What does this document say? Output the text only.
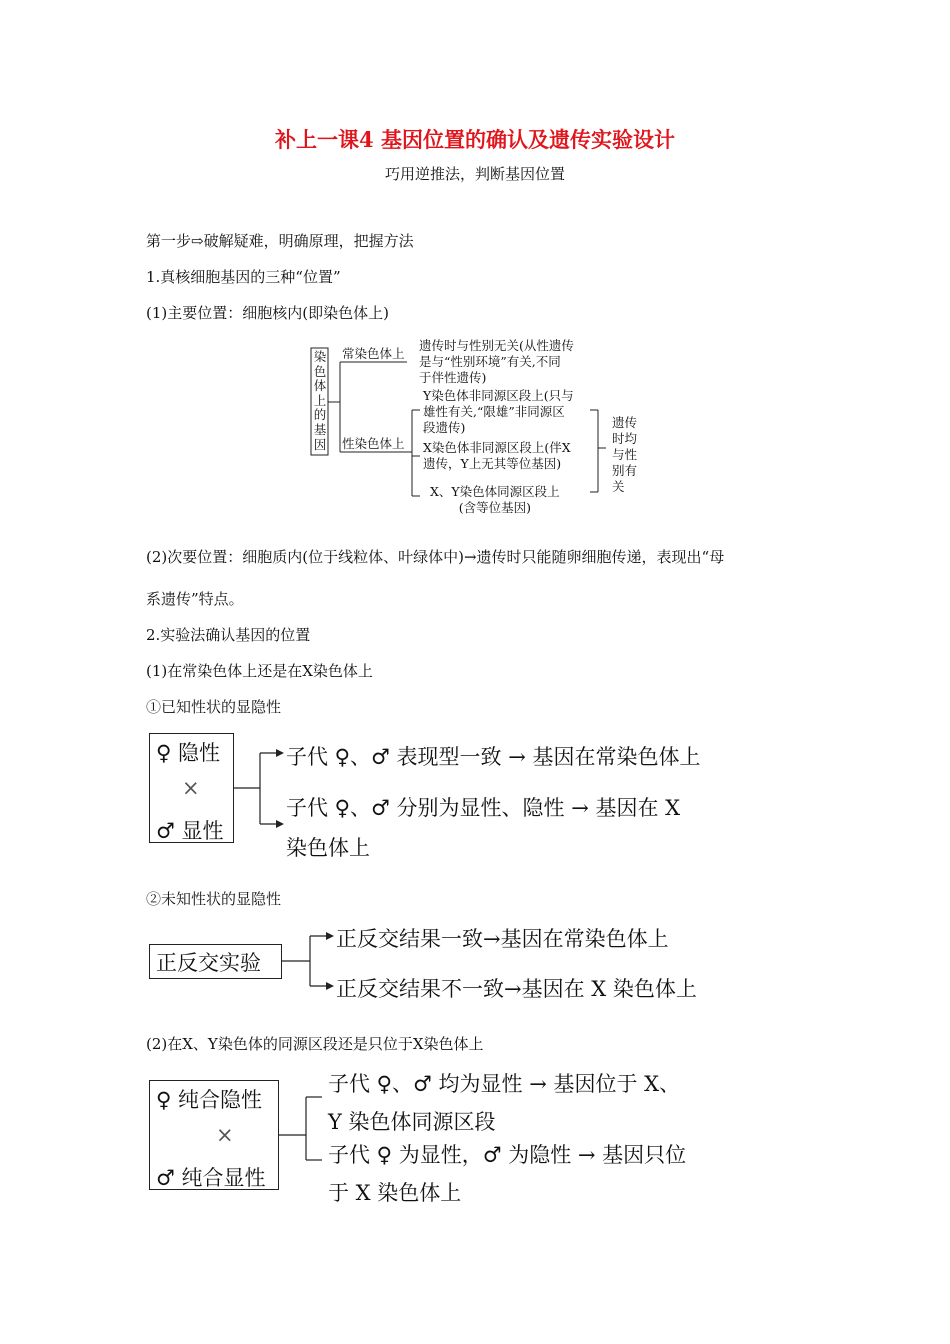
补上一课4 基因位置的确认及遗传实验设计
巧用逆推法，判断基因位置
第一步⇨破解疑难，明确原理，把握方法
1.真核细胞基因的三种“位置”
(1)主要位置：细胞核内(即染色体上)
染
色
体
上
的
基
因
常染色体上
遗传时与性别无关(从性遗传
是与“性别环境”有关,不同
于伴性遗传)
性染色体上
Y染色体非同源区段上(只与
雄性有关,“限雄”非同源区
段遗传)
X染色体非同源区段上(伴X
遗传，Y上无其等位基因)
X、Y染色体同源区段上
(含等位基因)
遗传
时均
与性
别有
关
(2)次要位置：细胞质内(位于线粒体、叶绿体中)→遗传时只能随卵细胞传递，表现出“母
系遗传”特点。
2.实验法确认基因的位置
(1)在常染色体上还是在X染色体上
①已知性状的显隐性
♀ 隐性
×
♂ 显性
子代 ♀、♂ 表现型一致 → 基因在常染色体上
子代 ♀、♂ 分别为显性、隐性 → 基因在 X
染色体上
②未知性状的显隐性
正反交实验
正反交结果一致→基因在常染色体上
正反交结果不一致→基因在 X 染色体上
(2)在X、Y染色体的同源区段还是只位于X染色体上
♀ 纯合隐性
×
♂ 纯合显性
子代 ♀、♂ 均为显性 → 基因位于 X、
Y 染色体同源区段
子代 ♀ 为显性，♂ 为隐性 → 基因只位
于 X 染色体上
